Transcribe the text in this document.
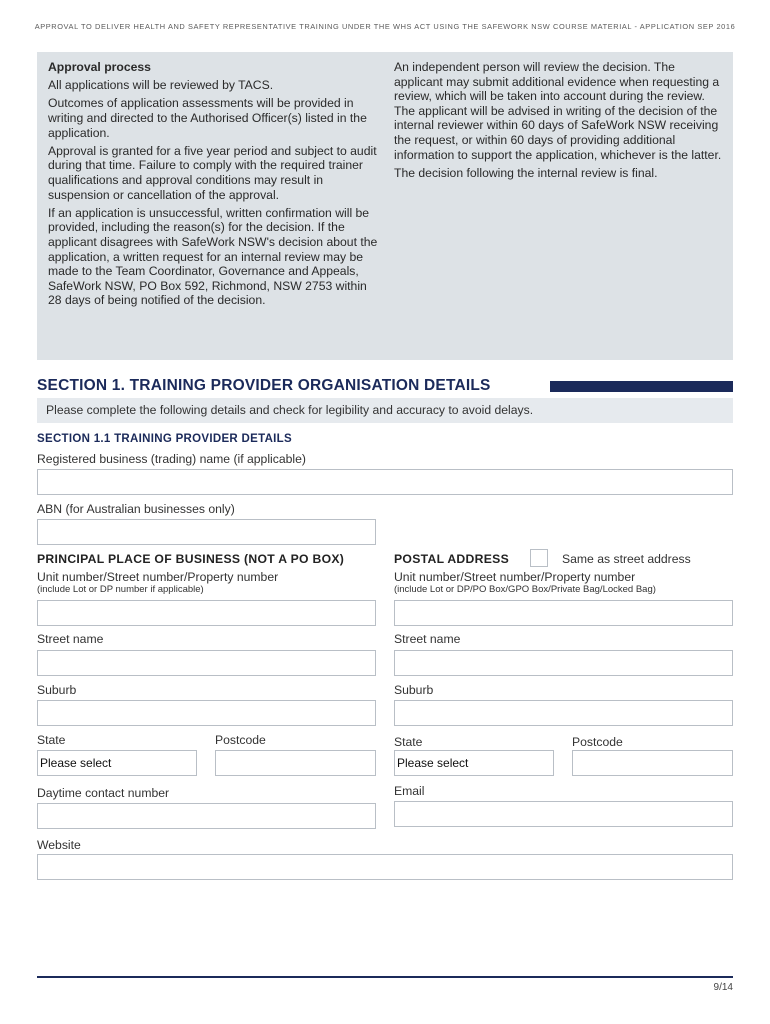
APPROVAL TO DELIVER HEALTH AND SAFETY REPRESENTATIVE TRAINING UNDER THE WHS ACT USING THE SAFEWORK NSW COURSE MATERIAL - APPLICATION SEP 2016

Approval process

All applications will be reviewed by TACS.

Outcomes of application assessments will be provided in writing and directed to the Authorised Officer(s) listed in the application.

Approval is granted for a five year period and subject to audit during that time. Failure to comply with the required trainer qualifications and approval conditions may result in suspension or cancellation of the approval.

If an application is unsuccessful, written confirmation will be provided, including the reason(s) for the decision. If the applicant disagrees with SafeWork NSW's decision about the application, a written request for an internal review may be made to the Team Coordinator, Governance and Appeals, SafeWork NSW, PO Box 592, Richmond, NSW 2753 within 28 days of being notified of the decision.

An independent person will review the decision. The applicant may submit additional evidence when requesting a review, which will be taken into account during the review. The applicant will be advised in writing of the decision of the internal reviewer within 60 days of SafeWork NSW receiving the request, or within 60 days of providing additional information to support the application, whichever is the latter.

The decision following the internal review is final.

SECTION 1. TRAINING PROVIDER ORGANISATION DETAILS
Please complete the following details and check for legibility and accuracy to avoid delays.
SECTION 1.1 TRAINING PROVIDER DETAILS
Registered business (trading) name (if applicable)
ABN (for Australian businesses only)
PRINCIPAL PLACE OF BUSINESS (NOT A PO BOX)	POSTAL ADDRESS	Same as street address
Unit number/Street number/Property number
(include Lot or DP number if applicable)
Unit number/Street number/Property number
(include Lot or DP/PO Box/GPO Box/Private Bag/Locked Bag)
Street name	Street name
Suburb	Suburb
State	Postcode	State	Postcode
Please select	Please select
Daytime contact number	Email
Website
9/14
